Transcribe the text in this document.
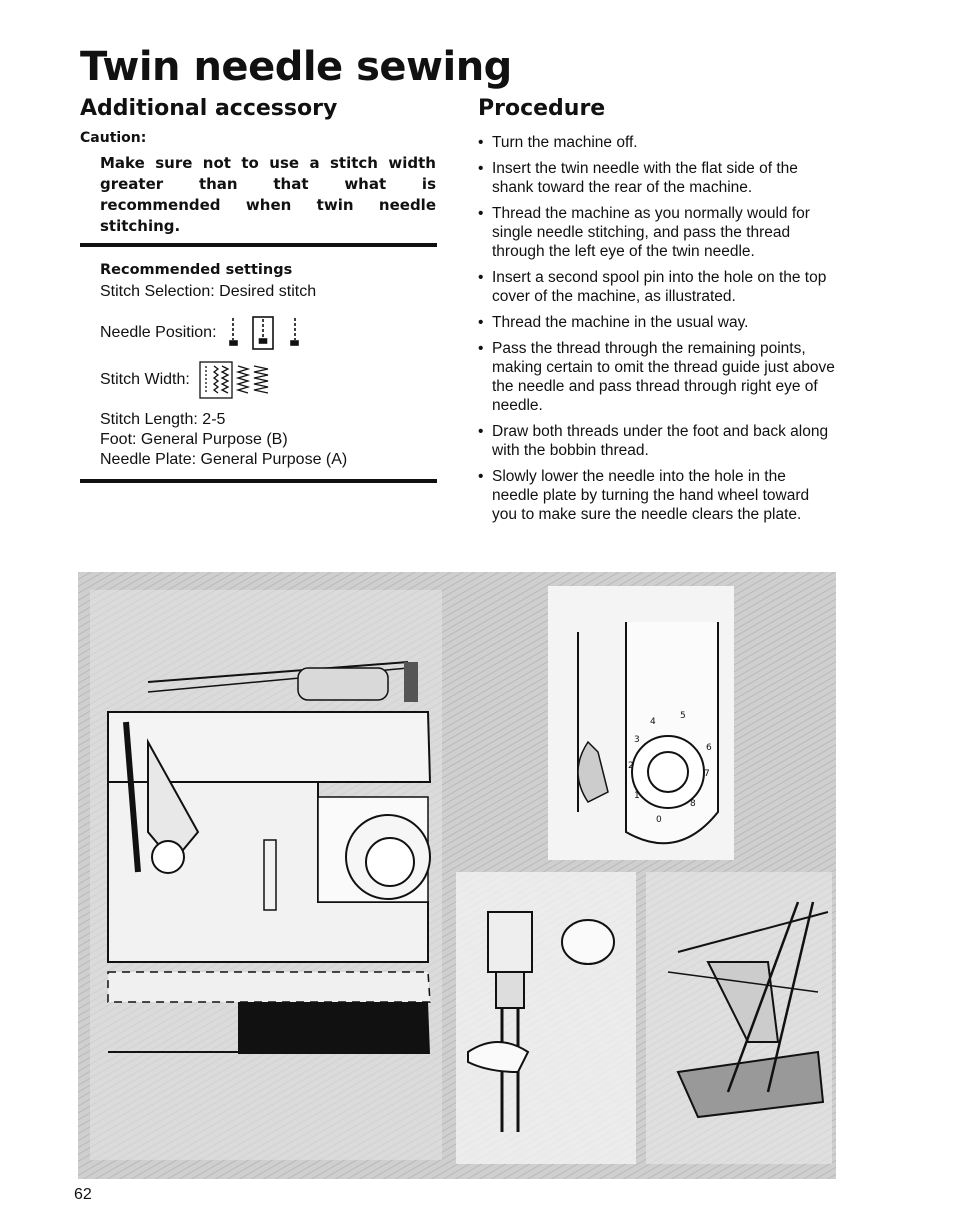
Twin needle sewing
Additional accessory
Caution:
Make sure not to use a stitch width greater than that what is recommended when twin needle stitching.
Recommended settings
Stitch Selection: Desired stitch
Needle Position:
Stitch Width:
Stitch Length: 2-5
Foot: General Purpose (B)
Needle Plate: General Purpose (A)
Procedure
• Turn the machine off.
• Insert the twin needle with the flat side of the shank toward the rear of the machine.
• Thread the machine as you normally would for single needle stitching, and pass the thread through the left eye of the twin needle.
• Insert a second spool pin into the hole on the top cover of the machine, as illustrated.
• Thread the machine in the usual way.
• Pass the thread through the remaining points, making certain to omit the thread guide just above the needle and pass thread through right eye of needle.
• Draw both threads under the foot and back along with the bobbin thread.
• Slowly lower the needle into the hole in the needle plate by turning the hand wheel toward you to make sure the needle clears the plate.
0
1
2
3
4
5
6
7
8
62
